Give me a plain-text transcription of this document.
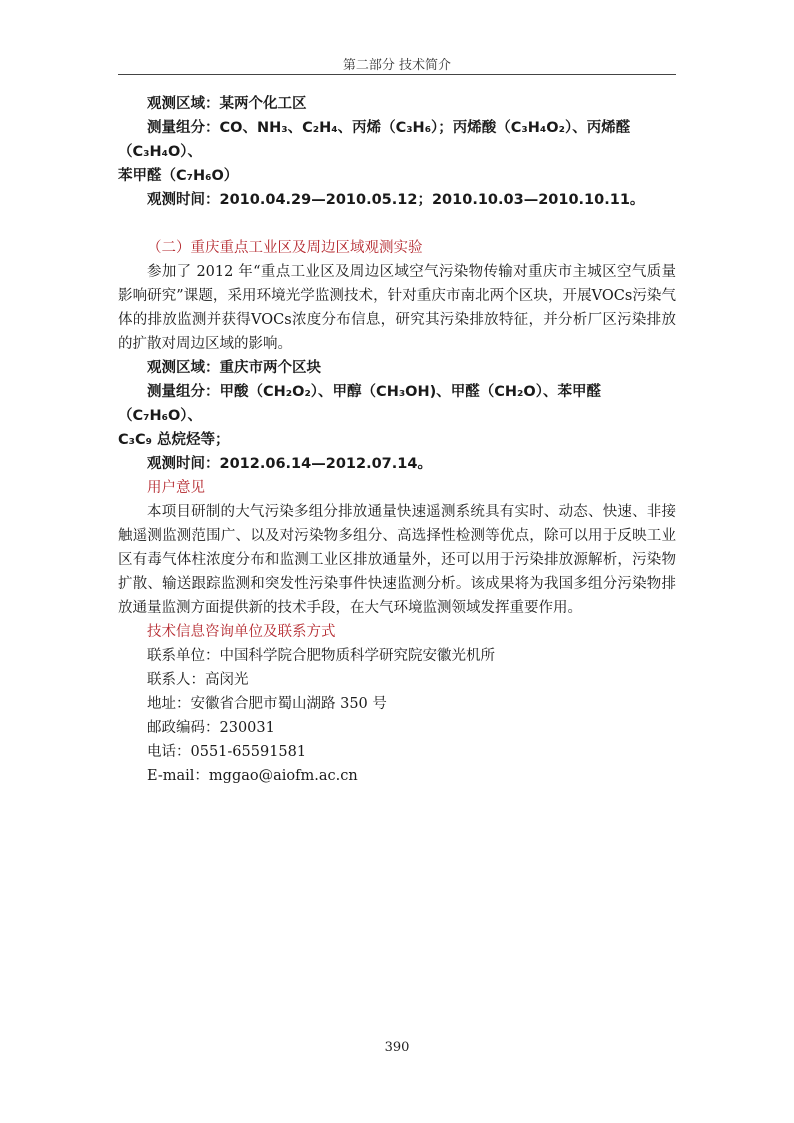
第二部分 技术简介

观测区域：某两个化工区

测量组分：CO、NH₃、C₂H₄、丙烯（C₃H₆）；丙烯酸（C₃H₄O₂）、丙烯醛（C₃H₄O）、

苯甲醛（C₇H₆O）

观测时间：2010.04.29—2010.05.12；2010.10.03—2010.10.11。

（二）重庆重点工业区及周边区域观测实验

参加了 2012 年“重点工业区及周边区域空气污染物传输对重庆市主城区空气质量影响研究”课题，采用环境光学监测技术，针对重庆市南北两个区块，开展VOCs污染气体的排放监测并获得VOCs浓度分布信息，研究其污染排放特征，并分析厂区污染排放的扩散对周边区域的影响。

观测区域：重庆市两个区块

测量组分：甲酸（CH₂O₂）、甲醇（CH₃OH)、甲醛（CH₂O）、苯甲醛（C₇H₆O）、

C₃C₉ 总烷烃等；

观测时间：2012.06.14—2012.07.14。

用户意见

本项目研制的大气污染多组分排放通量快速遥测系统具有实时、动态、快速、非接触遥测监测范围广、以及对污染物多组分、高选择性检测等优点，除可以用于反映工业区有毒气体柱浓度分布和监测工业区排放通量外，还可以用于污染排放源解析，污染物扩散、输送跟踪监测和突发性污染事件快速监测分析。该成果将为我国多组分污染物排放通量监测方面提供新的技术手段，在大气环境监测领域发挥重要作用。

技术信息咨询单位及联系方式

联系单位：中国科学院合肥物质科学研究院安徽光机所

联系人：高闵光

地址：安徽省合肥市蜀山湖路 350 号

邮政编码：230031

电话：0551-65591581

E-mail：mggao@aiofm.ac.cn

390
